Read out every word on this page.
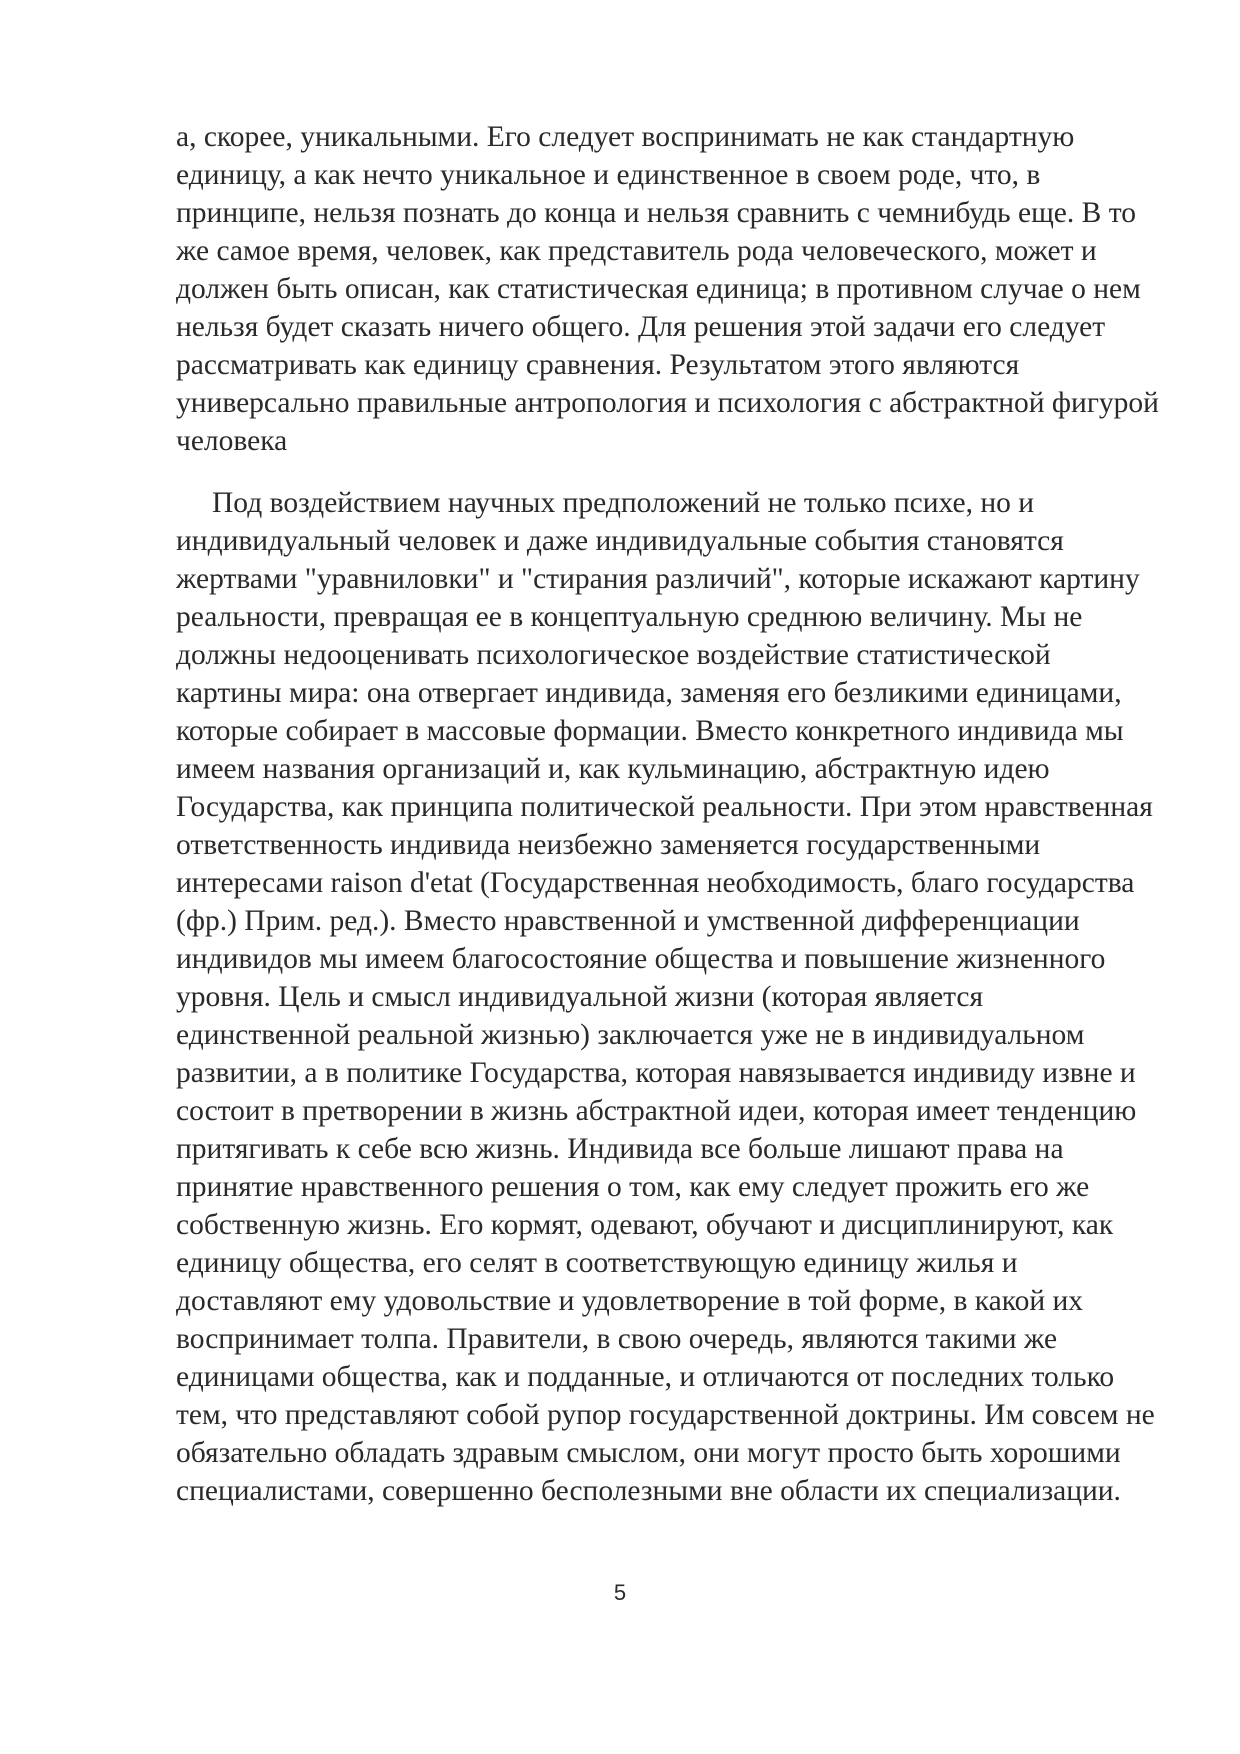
а, скорее, уникальными. Его следует воспринимать не как стандартную
единицу, а как нечто уникальное и единственное в своем роде, что, в
принципе, нельзя познать до конца и нельзя сравнить с чемнибудь еще. В то
же самое время, человек, как представитель рода человеческого, может и
должен быть описан, как статистическая единица; в противном случае о нем
нельзя будет сказать ничего общего. Для решения этой задачи его следует
рассматривать как единицу сравнения. Результатом этого являются
универсально правильные антропология и психология с абстрактной фигурой
человека
Под воздействием научных предположений не только психе, но и
индивидуальный человек и даже индивидуальные события становятся
жертвами "уравниловки" и "стирания различий", которые искажают картину
реальности, превращая ее в концептуальную среднюю величину. Мы не
должны недооценивать психологическое воздействие статистической
картины мира: она отвергает индивида, заменяя его безликими единицами,
которые собирает в массовые формации. Вместо конкретного индивида мы
имеем названия организаций и, как кульминацию, абстрактную идею
Государства, как принципа политической реальности. При этом нравственная
ответственность индивида неизбежно заменяется государственными
интересами raison d'etat (Государственная необходимость, благо государства
(фр.) Прим. ред.). Вместо нравственной и умственной дифференциации
индивидов мы имеем благосостояние общества и повышение жизненного
уровня. Цель и смысл индивидуальной жизни (которая является
единственной реальной жизнью) заключается уже не в индивидуальном
развитии, а в политике Государства, которая навязывается индивиду извне и
состоит в претворении в жизнь абстрактной идеи, которая имеет тенденцию
притягивать к себе всю жизнь. Индивида все больше лишают права на
принятие нравственного решения о том, как ему следует прожить его же
собственную жизнь. Его кормят, одевают, обучают и дисциплинируют, как
единицу общества, его селят в соответствующую единицу жилья и
доставляют ему удовольствие и удовлетворение в той форме, в какой их
воспринимает толпа. Правители, в свою очередь, являются такими же
единицами общества, как и подданные, и отличаются от последних только
тем, что представляют собой рупор государственной доктрины. Им совсем не
обязательно обладать здравым смыслом, они могут просто быть хорошими
специалистами, совершенно бесполезными вне области их специализации.
5
